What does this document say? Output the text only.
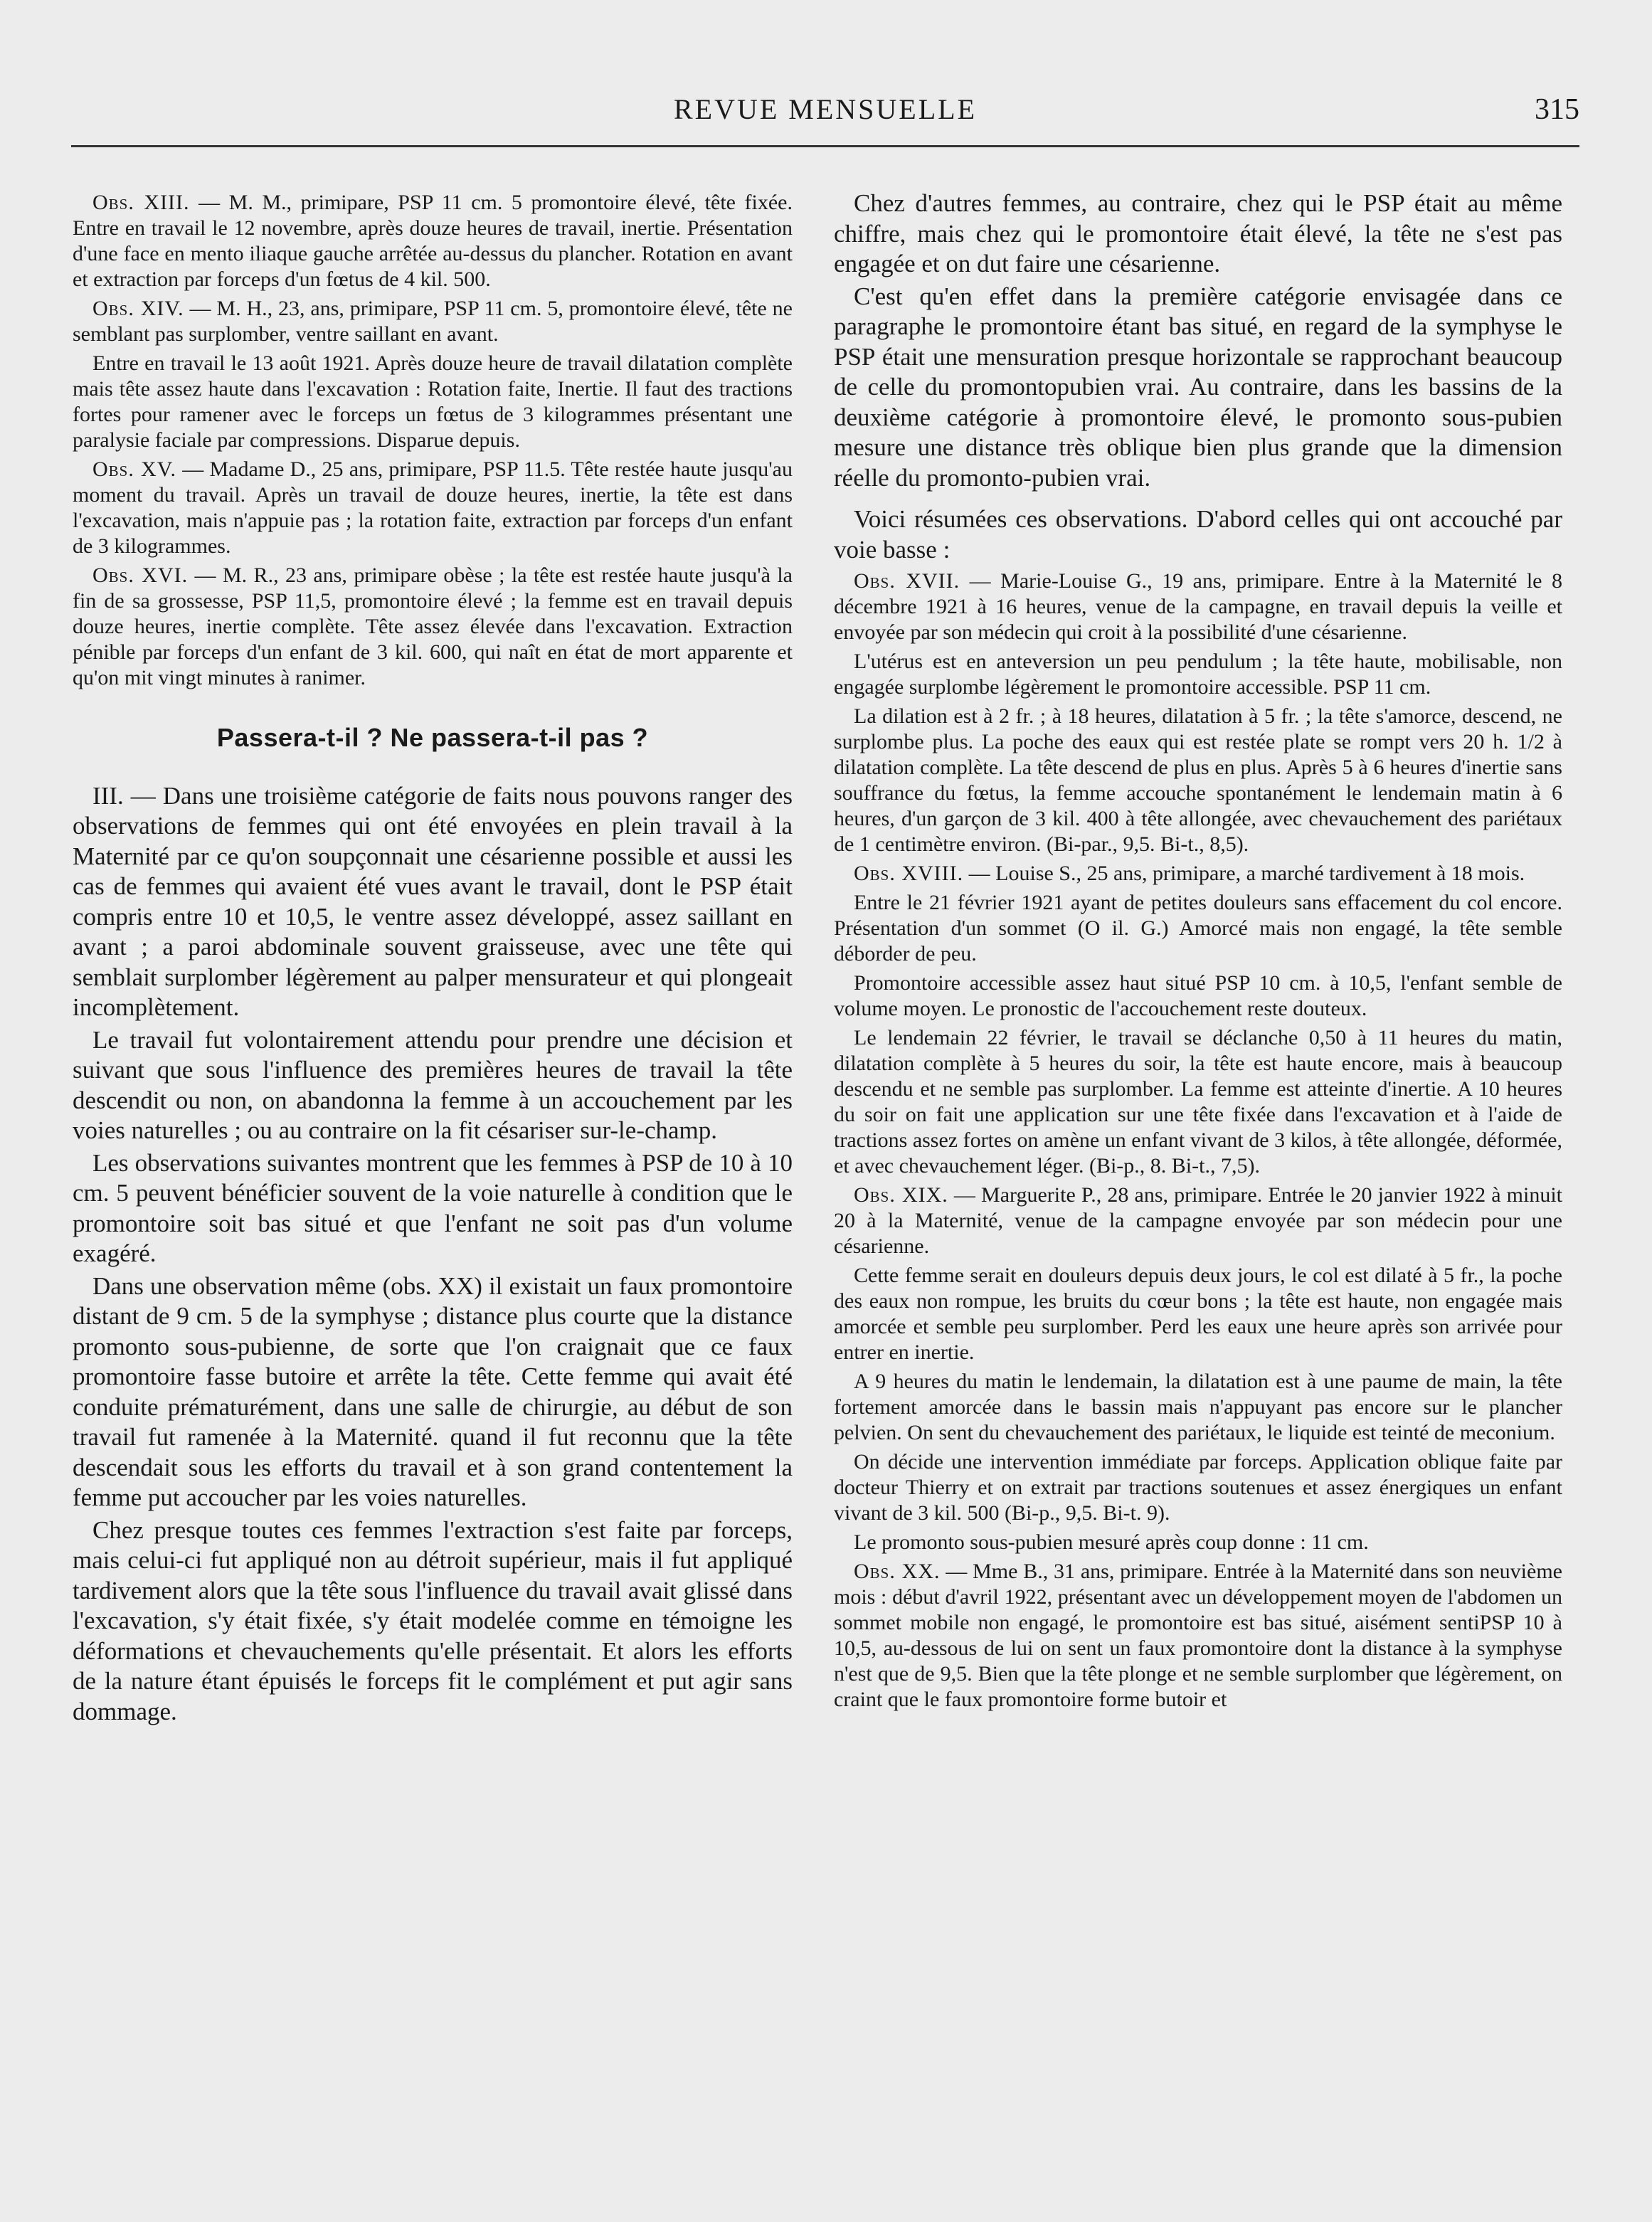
REVUE MENSUELLE	315

Obs. XIII. — M. M., primipare, PSP 11 cm. 5 promontoire élevé, tête fixée. Entre en travail le 12 novembre, après douze heures de travail, inertie. Présentation d'une face en mento iliaque gauche arrêtée au-dessus du plancher. Rotation en avant et extraction par forceps d'un fœtus de 4 kil. 500.

Obs. XIV. — M. H., 23, ans, primipare, PSP 11 cm. 5, promontoire élevé, tête ne semblant pas surplomber, ventre saillant en avant.

Entre en travail le 13 août 1921. Après douze heure de travail dilatation complète mais tête assez haute dans l'excavation : Rotation faite, Inertie. Il faut des tractions fortes pour ramener avec le forceps un fœtus de 3 kilogrammes présentant une paralysie faciale par compressions. Disparue depuis.

Obs. XV. — Madame D., 25 ans, primipare, PSP 11.5. Tête restée haute jusqu'au moment du travail. Après un travail de douze heures, inertie, la tête est dans l'excavation, mais n'appuie pas ; la rotation faite, extraction par forceps d'un enfant de 3 kilogrammes.

Obs. XVI. — M. R., 23 ans, primipare obèse ; la tête est restée haute jusqu'à la fin de sa grossesse, PSP 11,5, promontoire élevé ; la femme est en travail depuis douze heures, inertie complète. Tête assez élevée dans l'excavation. Extraction pénible par forceps d'un enfant de 3 kil. 600, qui naît en état de mort apparente et qu'on mit vingt minutes à ranimer.

Passera-t-il ? Ne passera-t-il pas ?

III. — Dans une troisième catégorie de faits nous pouvons ranger des observations de femmes qui ont été envoyées en plein travail à la Maternité par ce qu'on soupçonnait une césarienne possible et aussi les cas de femmes qui avaient été vues avant le travail, dont le PSP était compris entre 10 et 10,5, le ventre assez développé, assez saillant en avant ; a paroi abdominale souvent graisseuse, avec une tête qui semblait surplomber légèrement au palper mensurateur et qui plongeait incomplètement.

Le travail fut volontairement attendu pour prendre une décision et suivant que sous l'influence des premières heures de travail la tête descendit ou non, on abandonna la femme à un accouchement par les voies naturelles ; ou au contraire on la fit césariser sur-le-champ.

Les observations suivantes montrent que les femmes à PSP de 10 à 10 cm. 5 peuvent bénéficier souvent de la voie naturelle à condition que le promontoire soit bas situé et que l'enfant ne soit pas d'un volume exagéré.

Dans une observation même (obs. XX) il existait un faux promontoire distant de 9 cm. 5 de la symphyse ; distance plus courte que la distance promonto sous-pubienne, de sorte que l'on craignait que ce faux promontoire fasse butoire et arrête la tête. Cette femme qui avait été conduite prématurément, dans une salle de chirurgie, au début de son travail fut ramenée à la Maternité. quand il fut reconnu que la tête descendait sous les efforts du travail et à son grand contentement la femme put accoucher par les voies naturelles.

Chez presque toutes ces femmes l'extraction s'est faite par forceps, mais celui-ci fut appliqué non au détroit supérieur, mais il fut appliqué tardivement alors que la tête sous l'influence du travail avait glissé dans l'excavation, s'y était fixée, s'y était modelée comme en témoigne les déformations et chevauchements qu'elle présentait. Et alors les efforts de la nature étant épuisés le forceps fit le complément et put agir sans dommage.

Chez d'autres femmes, au contraire, chez qui le PSP était au même chiffre, mais chez qui le promontoire était élevé, la tête ne s'est pas engagée et on dut faire une césarienne.

C'est qu'en effet dans la première catégorie envisagée dans ce paragraphe le promontoire étant bas situé, en regard de la symphyse le PSP était une mensuration presque horizontale se rapprochant beaucoup de celle du promontopubien vrai. Au contraire, dans les bassins de la deuxième catégorie à promontoire élevé, le promonto sous-pubien mesure une distance très oblique bien plus grande que la dimension réelle du promonto-pubien vrai.

Voici résumées ces observations. D'abord celles qui ont accouché par voie basse :

Obs. XVII. — Marie-Louise G., 19 ans, primipare. Entre à la Maternité le 8 décembre 1921 à 16 heures, venue de la campagne, en travail depuis la veille et envoyée par son médecin qui croit à la possibilité d'une césarienne.

L'utérus est en anteversion un peu pendulum ; la tête haute, mobilisable, non engagée surplombe légèrement le promontoire accessible. PSP 11 cm.

La dilation est à 2 fr. ; à 18 heures, dilatation à 5 fr. ; la tête s'amorce, descend, ne surplombe plus. La poche des eaux qui est restée plate se rompt vers 20 h. 1/2 à dilatation complète. La tête descend de plus en plus. Après 5 à 6 heures d'inertie sans souffrance du fœtus, la femme accouche spontanément le lendemain matin à 6 heures, d'un garçon de 3 kil. 400 à tête allongée, avec chevauchement des pariétaux de 1 centimètre environ. (Bi-par., 9,5. Bi-t., 8,5).

Obs. XVIII. — Louise S., 25 ans, primipare, a marché tardivement à 18 mois.

Entre le 21 février 1921 ayant de petites douleurs sans effacement du col encore. Présentation d'un sommet (O il. G.) Amorcé mais non engagé, la tête semble déborder de peu.

Promontoire accessible assez haut situé PSP 10 cm. à 10,5, l'enfant semble de volume moyen. Le pronostic de l'accouchement reste douteux.

Le lendemain 22 février, le travail se déclanche 0,50 à 11 heures du matin, dilatation complète à 5 heures du soir, la tête est haute encore, mais à beaucoup descendu et ne semble pas surplomber. La femme est atteinte d'inertie. A 10 heures du soir on fait une application sur une tête fixée dans l'excavation et à l'aide de tractions assez fortes on amène un enfant vivant de 3 kilos, à tête allongée, déformée, et avec chevauchement léger. (Bi-p., 8. Bi-t., 7,5).

Obs. XIX. — Marguerite P., 28 ans, primipare. Entrée le 20 janvier 1922 à minuit 20 à la Maternité, venue de la campagne envoyée par son médecin pour une césarienne.

Cette femme serait en douleurs depuis deux jours, le col est dilaté à 5 fr., la poche des eaux non rompue, les bruits du cœur bons ; la tête est haute, non engagée mais amorcée et semble peu surplomber. Perd les eaux une heure après son arrivée pour entrer en inertie.

A 9 heures du matin le lendemain, la dilatation est à une paume de main, la tête fortement amorcée dans le bassin mais n'appuyant pas encore sur le plancher pelvien. On sent du chevauchement des pariétaux, le liquide est teinté de meconium.

On décide une intervention immédiate par forceps. Application oblique faite par docteur Thierry et on extrait par tractions soutenues et assez énergiques un enfant vivant de 3 kil. 500 (Bi-p., 9,5. Bi-t. 9).

Le promonto sous-pubien mesuré après coup donne : 11 cm.

Obs. XX. — Mme B., 31 ans, primipare. Entrée à la Maternité dans son neuvième mois : début d'avril 1922, présentant avec un développement moyen de l'abdomen un sommet mobile non engagé, le promontoire est bas situé, aisément sentiPSP 10 à 10,5, au-dessous de lui on sent un faux promontoire dont la distance à la symphyse n'est que de 9,5. Bien que la tête plonge et ne semble surplomber que légèrement, on craint que le faux promontoire forme butoir et
